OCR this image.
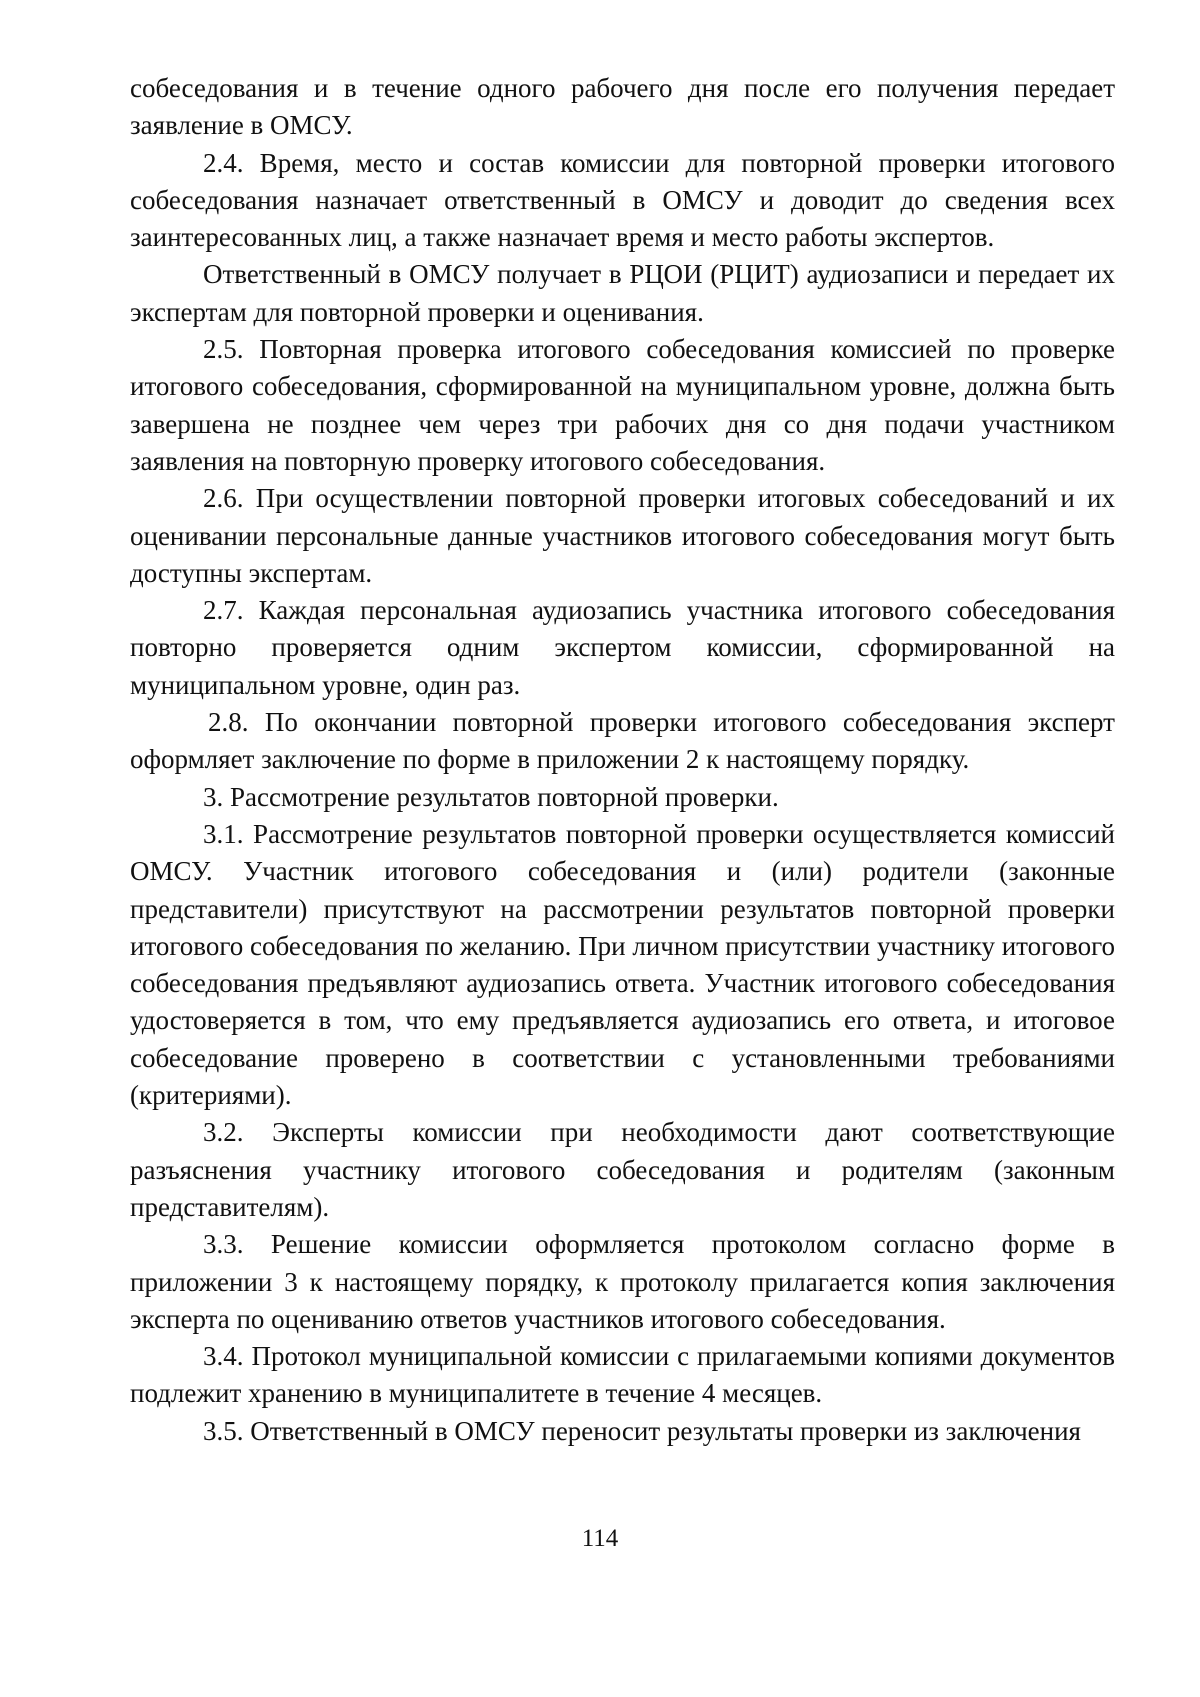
собеседования и в течение одного рабочего дня после его получения передает заявление в ОМСУ.

2.4. Время, место и состав комиссии для повторной проверки итогового собеседования назначает ответственный в ОМСУ и доводит до сведения всех заинтересованных лиц, а также назначает время и место работы экспертов.

Ответственный в ОМСУ получает в РЦОИ (РЦИТ) аудиозаписи и передает их экспертам для повторной проверки и оценивания.

2.5. Повторная проверка итогового собеседования комиссией по проверке итогового собеседования, сформированной на муниципальном уровне, должна быть завершена не позднее чем через три рабочих дня со дня подачи участником заявления на повторную проверку итогового собеседования.

2.6. При осуществлении повторной проверки итоговых собеседований и их оценивании персональные данные участников итогового собеседования могут быть доступны экспертам.

2.7. Каждая персональная аудиозапись участника итогового собеседования повторно проверяется одним экспертом комиссии, сформированной на муниципальном уровне, один раз.

2.8. По окончании повторной проверки итогового собеседования эксперт оформляет заключение по форме в приложении 2 к настоящему порядку.

3. Рассмотрение результатов повторной проверки.

3.1. Рассмотрение результатов повторной проверки осуществляется комиссий ОМСУ. Участник итогового собеседования и (или) родители (законные представители) присутствуют на рассмотрении результатов повторной проверки итогового собеседования по желанию. При личном присутствии участнику итогового собеседования предъявляют аудиозапись ответа. Участник итогового собеседования удостоверяется в том, что ему предъявляется аудиозапись его ответа, и итоговое собеседование проверено в соответствии с установленными требованиями (критериями).

3.2. Эксперты комиссии при необходимости дают соответствующие разъяснения участнику итогового собеседования и родителям (законным представителям).

3.3. Решение комиссии оформляется протоколом согласно форме в приложении 3 к настоящему порядку, к протоколу прилагается копия заключения эксперта по оцениванию ответов участников итогового собеседования.

3.4. Протокол муниципальной комиссии с прилагаемыми копиями документов подлежит хранению в муниципалитете в течение 4 месяцев.

3.5. Ответственный в ОМСУ переносит результаты проверки из заключения

114
